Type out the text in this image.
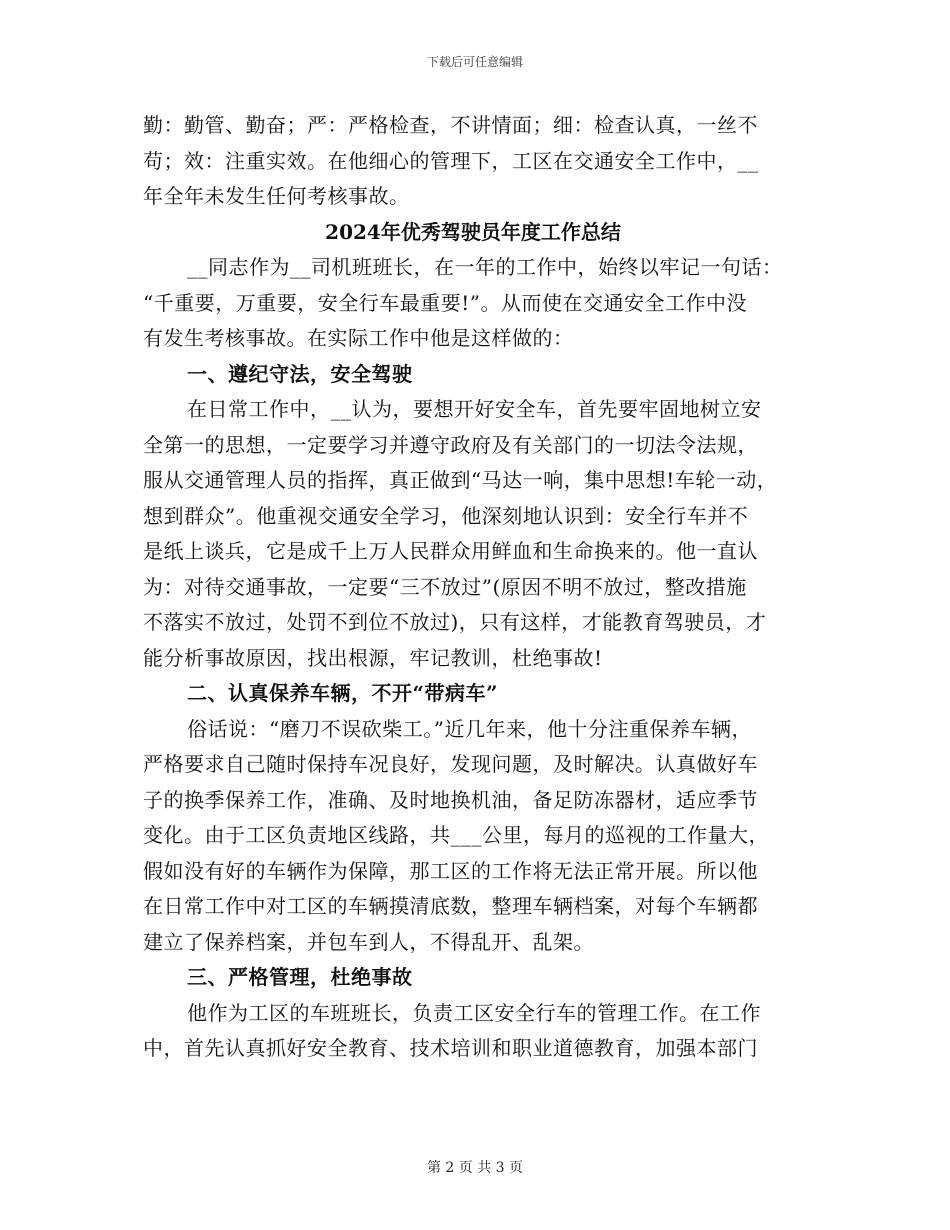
下载后可任意编辑
勤：勤管、勤奋；严：严格检查，不讲情面；细：检查认真，一丝不
苟；效：注重实效。在他细心的管理下，工区在交通安全工作中，__
年全年未发生任何考核事故。
2024年优秀驾驶员年度工作总结
__同志作为__司机班班长，在一年的工作中，始终以牢记一句话：
“千重要，万重要，安全行车最重要!”。从而使在交通安全工作中没
有发生考核事故。在实际工作中他是这样做的：
一、遵纪守法，安全驾驶
在日常工作中，__认为，要想开好安全车，首先要牢固地树立安
全第一的思想，一定要学习并遵守政府及有关部门的一切法令法规，
服从交通管理人员的指挥，真正做到“马达一响，集中思想!车轮一动，
想到群众”。他重视交通安全学习，他深刻地认识到：安全行车并不
是纸上谈兵，它是成千上万人民群众用鲜血和生命换来的。他一直认
为：对待交通事故，一定要“三不放过”(原因不明不放过，整改措施
不落实不放过，处罚不到位不放过)，只有这样，才能教育驾驶员，才
能分析事故原因，找出根源，牢记教训，杜绝事故!
二、认真保养车辆，不开“带病车”
俗话说：“磨刀不误砍柴工。”近几年来，他十分注重保养车辆，
严格要求自己随时保持车况良好，发现问题，及时解决。认真做好车
子的换季保养工作，准确、及时地换机油，备足防冻器材，适应季节
变化。由于工区负责地区线路，共___公里，每月的巡视的工作量大，
假如没有好的车辆作为保障，那工区的工作将无法正常开展。所以他
在日常工作中对工区的车辆摸清底数，整理车辆档案，对每个车辆都
建立了保养档案，并包车到人，不得乱开、乱架。
三、严格管理，杜绝事故
他作为工区的车班班长，负责工区安全行车的管理工作。在工作
中，首先认真抓好安全教育、技术培训和职业道德教育，加强本部门
第 2 页 共 3 页
